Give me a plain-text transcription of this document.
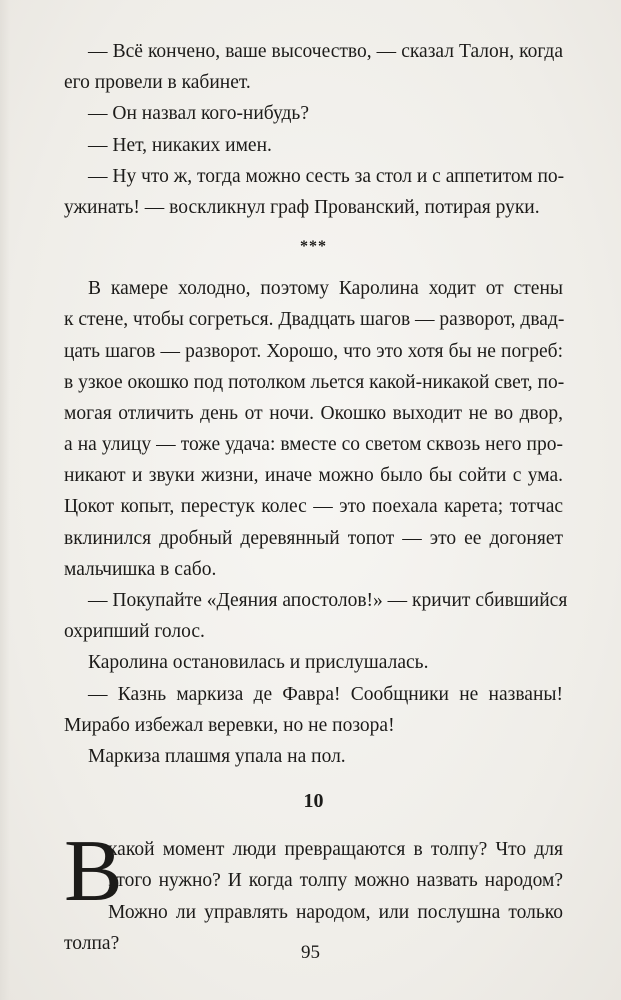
— Всё кончено, ваше высочество, — сказал Талон, когда
его провели в кабинет.
— Он назвал кого-нибудь?
— Нет, никаких имен.
— Ну что ж, тогда можно сесть за стол и с аппетитом по-
ужинать! — воскликнул граф Прованский, потирая руки.
***
В камере холодно, поэтому Каролина ходит от стены
к стене, чтобы согреться. Двадцать шагов — разворот, двад-
цать шагов — разворот. Хорошо, что это хотя бы не погреб:
в узкое окошко под потолком льется какой-никакой свет, по-
могая отличить день от ночи. Окошко выходит не во двор,
а на улицу — тоже удача: вместе со светом сквозь него про-
никают и звуки жизни, иначе можно было бы сойти с ума.
Цокот копыт, перестук колес — это поехала карета; тотчас
вклинился дробный деревянный топот — это ее догоняет
мальчишка в сабо.
— Покупайте «Деяния апостолов!» — кричит сбившийся
охрипший голос.
Каролина остановилась и прислушалась.
— Казнь маркиза де Фавра! Сообщники не названы!
Мирабо избежал веревки, но не позора!
Маркиза плашмя упала на пол.
10
В
какой момент люди превращаются в толпу? Что для
этого нужно? И когда толпу можно назвать народом?
Можно ли управлять народом, или послушна только
толпа?	95
